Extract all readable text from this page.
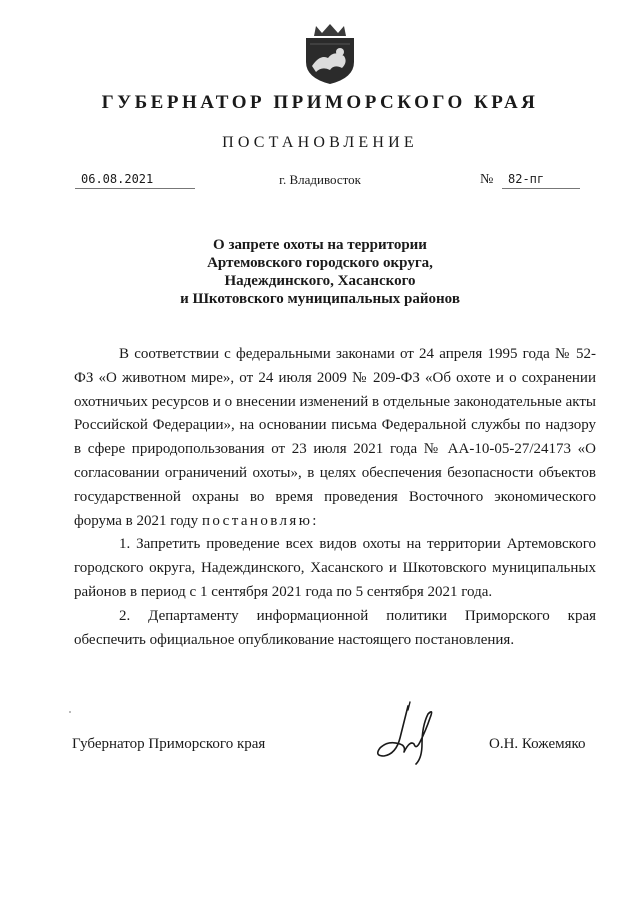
ГУБЕРНАТОР ПРИМОРСКОГО КРАЯ
ПОСТАНОВЛЕНИЕ
06.08.2021	г. Владивосток	№	82-пг
О запрете охоты на территории
Артемовского городского округа,
Надеждинского, Хасанского
и Шкотовского муниципальных районов

В соответствии с федеральными законами от 24 апреля 1995 года № 52-ФЗ «О животном мире», от 24 июля 2009 № 209-ФЗ «Об охоте и о сохранении охотничьих ресурсов и о внесении изменений в отдельные законодательные акты Российской Федерации», на основании письма Федеральной службы по надзору в сфере природопользования от 23 июля 2021 года № АА-10-05-27/24173 «О согласовании ограничений охоты», в целях обеспечения безопасности объектов государственной охраны во время проведения Восточного экономического форума в 2021 году постановляю:

1. Запретить проведение всех видов охоты на территории Артемовского городского округа, Надеждинского, Хасанского и Шкотовского муниципальных районов в период с 1 сентября 2021 года по 5 сентября 2021 года.

2. Департаменту информационной политики Приморского края обеспечить официальное опубликование настоящего постановления.

Губернатор Приморского края	О.Н. Кожемяко
